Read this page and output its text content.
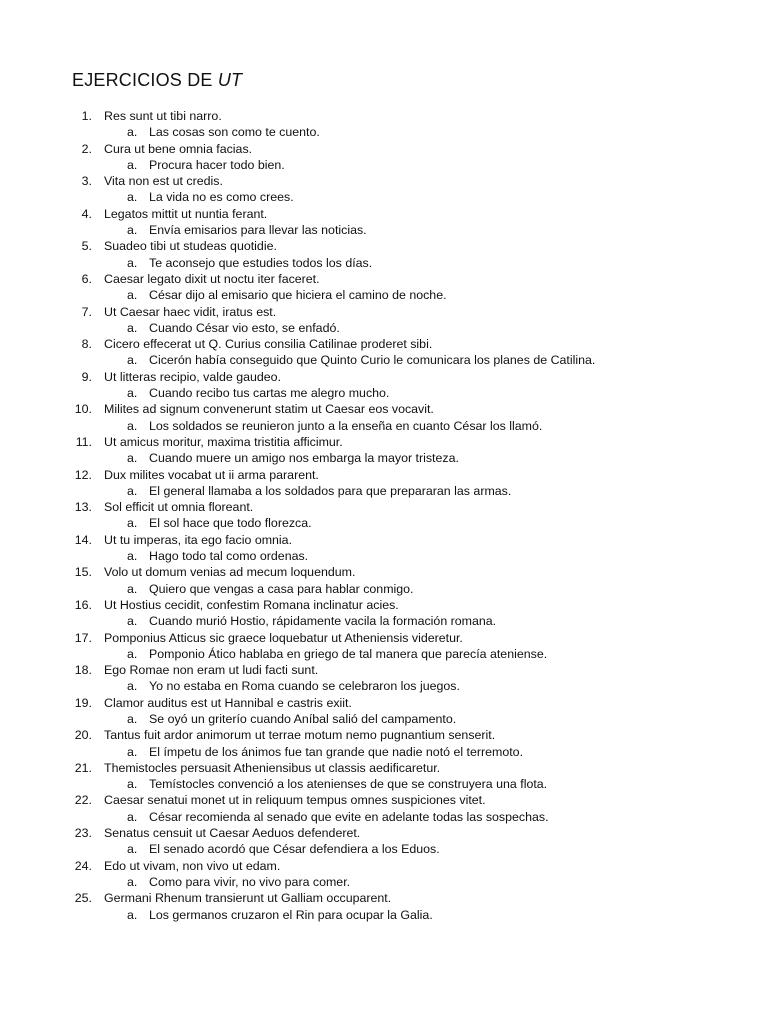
EJERCICIOS DE UT
1. Res sunt ut tibi narro.
a. Las cosas son como te cuento.
2. Cura ut bene omnia facias.
a. Procura hacer todo bien.
3. Vita non est ut credis.
a. La vida no es como crees.
4. Legatos mittit ut nuntia ferant.
a. Envía emisarios para llevar las noticias.
5. Suadeo tibi ut studeas quotidie.
a. Te aconsejo que estudies todos los días.
6. Caesar legato dixit ut noctu iter faceret.
a. César dijo al emisario que hiciera el camino de noche.
7. Ut Caesar haec vidit, iratus est.
a. Cuando César vio esto, se enfadó.
8. Cicero effecerat ut Q. Curius consilia Catilinae proderet sibi.
a. Cicerón había conseguido que Quinto Curio le comunicara los planes de Catilina.
9. Ut litteras recipio, valde gaudeo.
a. Cuando recibo tus cartas me alegro mucho.
10. Milites ad signum convenerunt statim ut Caesar eos vocavit.
a. Los soldados se reunieron junto a la enseña en cuanto César los llamó.
11. Ut amicus moritur, maxima tristitia afficimur.
a. Cuando muere un amigo nos embarga la mayor tristeza.
12. Dux milites vocabat ut ii arma pararent.
a. El general llamaba a los soldados para que prepararan las armas.
13. Sol efficit ut omnia floreant.
a. El sol hace que todo florezca.
14. Ut tu imperas, ita ego facio omnia.
a. Hago todo tal como ordenas.
15. Volo ut domum venias ad mecum loquendum.
a. Quiero que vengas a casa para hablar conmigo.
16. Ut Hostius cecidit, confestim Romana inclinatur acies.
a. Cuando murió Hostio, rápidamente vacila la formación romana.
17. Pomponius Atticus sic graece loquebatur ut Atheniensis videretur.
a. Pomponio Ático hablaba en griego de tal manera que parecía ateniense.
18. Ego Romae non eram ut ludi facti sunt.
a. Yo no estaba en Roma cuando se celebraron los juegos.
19. Clamor auditus est ut Hannibal e castris exiit.
a. Se oyó un griterío cuando Aníbal salió del campamento.
20. Tantus fuit ardor animorum ut terrae motum nemo pugnantium senserit.
a. El ímpetu de los ánimos fue tan grande que nadie notó el terremoto.
21. Themistocles persuasit Atheniensibus ut classis aedificaretur.
a. Temístocles convenció a los atenienses de que se construyera una flota.
22. Caesar senatui monet ut in reliquum tempus omnes suspiciones vitet.
a. César recomienda al senado que evite en adelante todas las sospechas.
23. Senatus censuit ut Caesar Aeduos defenderet.
a. El senado acordó que César defendiera a los Eduos.
24. Edo ut vivam, non vivo ut edam.
a. Como para vivir, no vivo para comer.
25. Germani Rhenum transierunt ut Galliam occuparent.
a. Los germanos cruzaron el Rin para ocupar la Galia.
